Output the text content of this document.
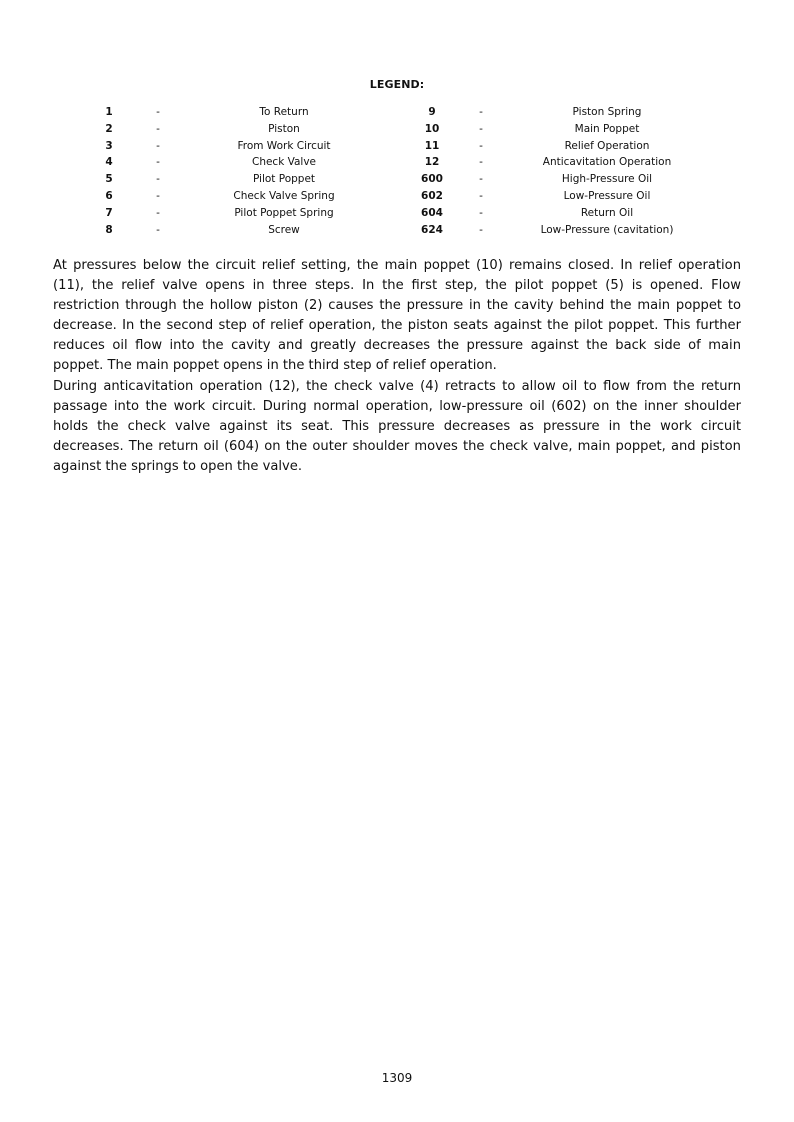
LEGEND:
1	-	To Return	9	-	Piston Spring
2	-	Piston	10	-	Main Poppet
3	-	From Work Circuit	11	-	Relief Operation
4	-	Check Valve	12	-	Anticavitation Operation
5	-	Pilot Poppet	600	-	High-Pressure Oil
6	-	Check Valve Spring	602	-	Low-Pressure Oil
7	-	Pilot Poppet Spring	604	-	Return Oil
8	-	Screw	624	-	Low-Pressure (cavitation)

At pressures below the circuit relief setting, the main poppet (10) remains closed. In relief operation (11), the relief valve opens in three steps. In the first step, the pilot poppet (5) is opened. Flow restriction through the hollow piston (2) causes the pressure in the cavity behind the main poppet to decrease. In the second step of relief operation, the piston seats against the pilot poppet. This further reduces oil flow into the cavity and greatly decreases the pressure against the back side of main poppet. The main poppet opens in the third step of relief operation.

During anticavitation operation (12), the check valve (4) retracts to allow oil to flow from the return passage into the work circuit. During normal operation, low-pressure oil (602) on the inner shoulder holds the check valve against its seat. This pressure decreases as pressure in the work circuit decreases. The return oil (604) on the outer shoulder moves the check valve, main poppet, and piston against the springs to open the valve.

1309
